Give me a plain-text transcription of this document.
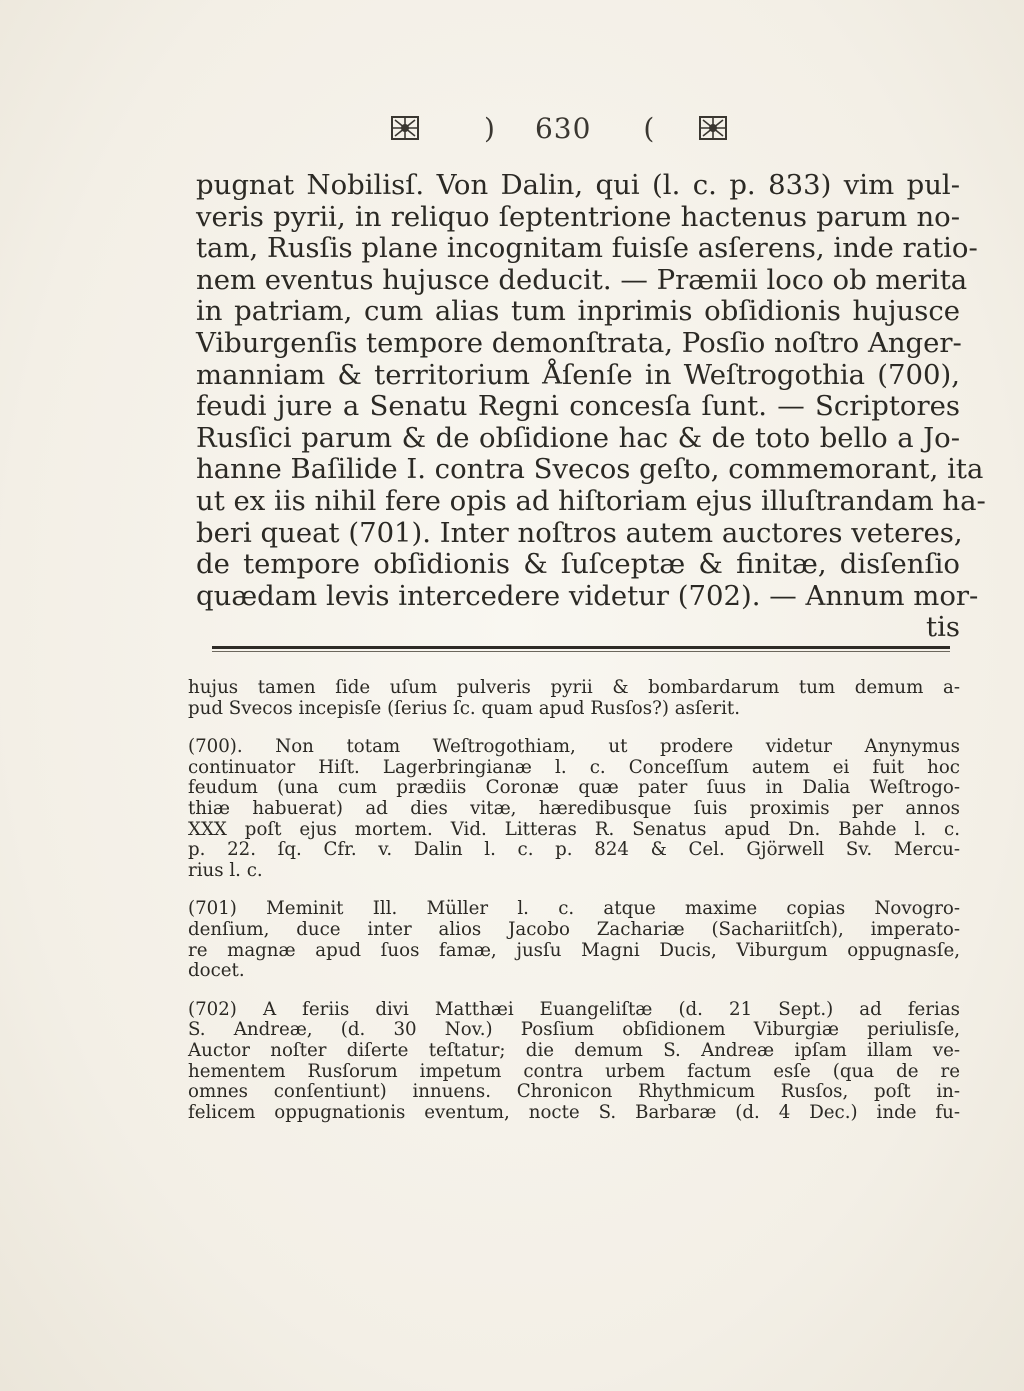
) 630 (
pugnat Nobilisſ. Von Dalin, qui (l. c. p. 833) vim pul-
veris pyrii, in reliquo ſeptentrione hactenus parum no-
tam, Rusſis plane incognitam fuisſe asſerens, inde ratio-
nem eventus hujusce deducit. — Præmii loco ob merita
in patriam, cum alias tum inprimis obſidionis hujusce
Viburgenſis tempore demonſtrata, Posſio noſtro Anger-
manniam & territorium Åſenſe in Weſtrogothia (700),
feudi jure a Senatu Regni concesſa ſunt. — Scriptores
Rusſici parum & de obſidione hac & de toto bello a Jo-
hanne Baſilide I. contra Svecos geſto, commemorant, ita
ut ex iis nihil fere opis ad hiſtoriam ejus illuſtrandam ha-
beri queat (701). Inter noſtros autem auctores veteres,
de tempore obſidionis & ſuſceptæ & finitæ, disſenſio
quædam levis intercedere videtur (702). — Annum mor-
tis
hujus tamen ſide uſum pulveris pyrii & bombardarum tum demum a-
pud Svecos incepisſe (ſerius ſc. quam apud Rusſos?) asſerit.
(700). Non totam Weſtrogothiam, ut prodere videtur Anynymus
continuator Hiſt. Lagerbringianæ l. c. Conceſſum autem ei fuit hoc
feudum (una cum prædiis Coronæ quæ pater ſuus in Dalia Weſtrogo-
thiæ habuerat) ad dies vitæ, hæredibusque ſuis proximis per annos
XXX poſt ejus mortem. Vid. Litteras R. Senatus apud Dn. Bahde l. c.
p. 22. ſq. Cfr. v. Dalin l. c. p. 824 & Cel. Gjörwell Sv. Mercu-
rius l. c.
(701) Meminit Ill. Müller l. c. atque maxime copias Novogro-
denſium, duce inter alios Jacobo Zachariæ (Sachariitſch), imperato-
re magnæ apud ſuos famæ, jusſu Magni Ducis, Viburgum oppugnasſe,
docet.
(702) A feriis divi Matthæi Euangeliſtæ (d. 21 Sept.) ad ferias
S. Andreæ, (d. 30 Nov.) Posſium obſidionem Viburgiæ periulisſe,
Auctor noſter diſerte teſtatur; die demum S. Andreæ ipſam illam ve-
hementem Rusſorum impetum contra urbem factum esſe (qua de re
omnes conſentiunt) innuens. Chronicon Rhythmicum Rusſos, poſt in-
felicem oppugnationis eventum, nocte S. Barbaræ (d. 4 Dec.) inde fu-
